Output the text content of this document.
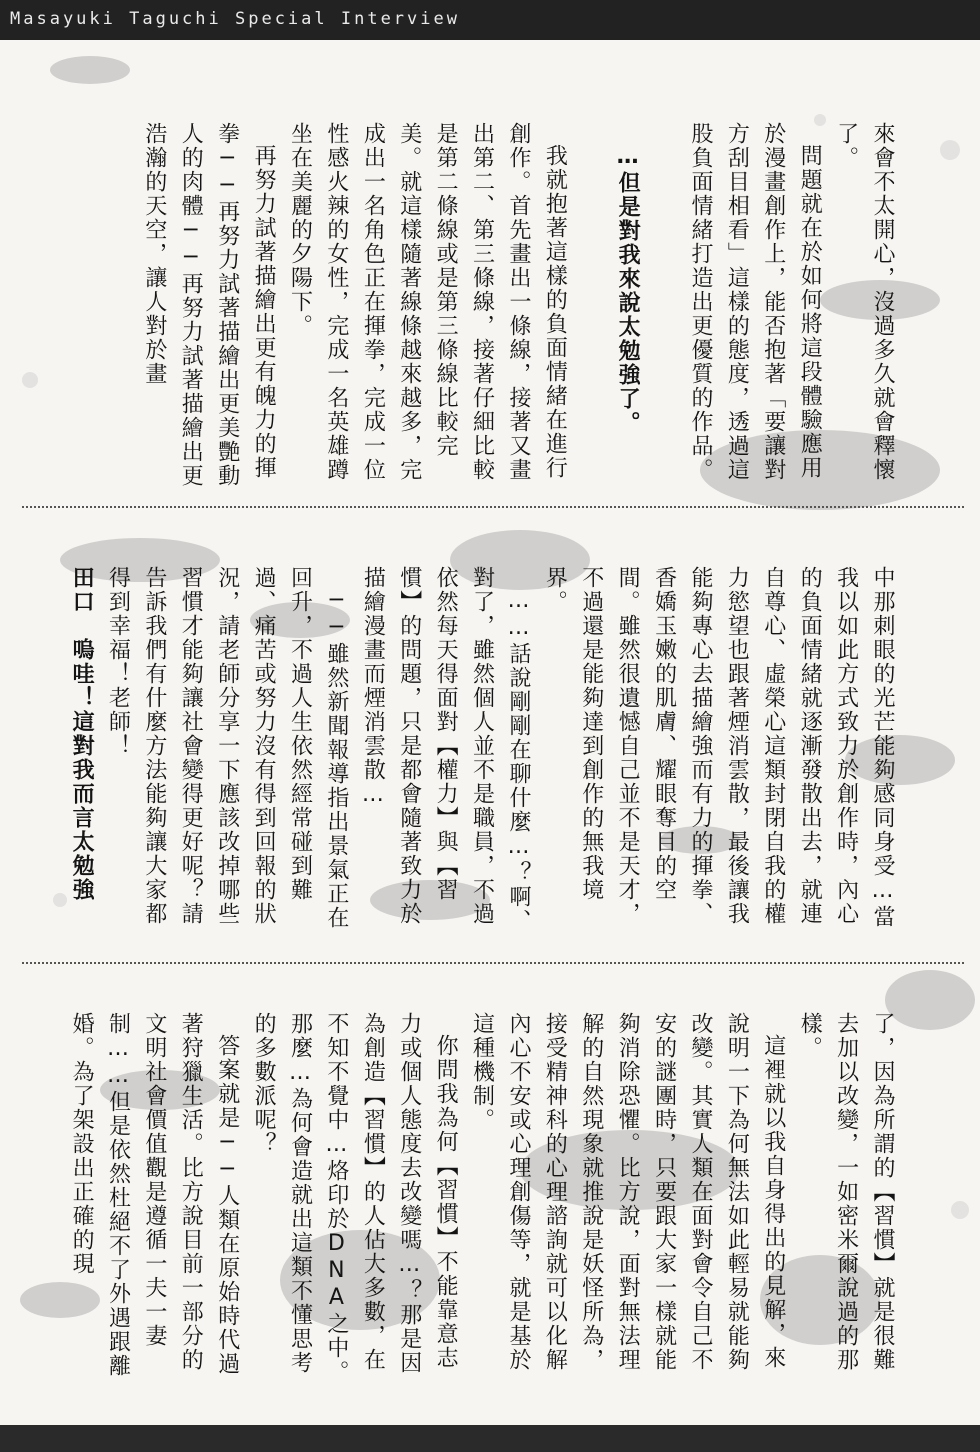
Masayuki Taguchi Special Interview

來會不太開心，沒過多久就會釋懷了。

問題就在於如何將這段體驗應用於漫畫創作上，能否抱著「要讓對方刮目相看」這樣的態度，透過這股負面情緒打造出更優質的作品。

…但是對我來說太勉強了。

我就抱著這樣的負面情緒在進行創作。首先畫出一條線，接著又畫出第二、第三條線，接著仔細比較是第二條線或是第三條線比較完美。就這樣隨著線條越來越多，完成出一名角色正在揮拳，完成一位性感火辣的女性，完成一名英雄蹲坐在美麗的夕陽下。

再努力試著描繪出更有魄力的揮拳──再努力試著描繪出更美艷動人的肉體──再努力試著描繪出更浩瀚的天空，讓人對於畫

中那刺眼的光芒能夠感同身受…當我以如此方式致力於創作時，內心的負面情緒就逐漸發散出去，就連自尊心、虛榮心這類封閉自我的權力慾望也跟著煙消雲散，最後讓我能夠專心去描繪強而有力的揮拳、香嬌玉嫩的肌膚、耀眼奪目的空間。雖然很遺憾自己並不是天才，不過還是能夠達到創作的無我境界。

……話說剛剛在聊什麼…？啊、對了，雖然個人並不是職員，不過依然每天得面對【權力】與【習慣】的問題，只是都會隨著致力於描繪漫畫而煙消雲散…

──雖然新聞報導指出景氣正在回升，不過人生依然經常碰到難過、痛苦或努力沒有得到回報的狀況，請老師分享一下應該改掉哪些習慣才能夠讓社會變得更好呢？請告訴我們有什麼方法能夠讓大家都得到幸福！老師！

田口　嗚哇！這對我而言太勉強

了，因為所謂的【習慣】就是很難去加以改變，一如密米爾說過的那樣。

這裡就以我自身得出的見解，來說明一下為何無法如此輕易就能夠改變。其實人類在面對會令自己不安的謎團時，只要跟大家一樣就能夠消除恐懼。比方說，面對無法理解的自然現象就推說是妖怪所為，接受精神科的心理諮詢就可以化解內心不安或心理創傷等，就是基於這種機制。

你問我為何【習慣】不能靠意志力或個人態度去改變嗎…？那是因為創造【習慣】的人佔大多數，在不知不覺中…烙印於DNA之中。那麼…為何會造就出這類不懂思考的多數派呢？

答案就是──人類在原始時代過著狩獵生活。比方說目前一部分的文明社會價值觀是遵循一夫一妻制……但是依然杜絕不了外遇跟離婚。為了架設出正確的現
